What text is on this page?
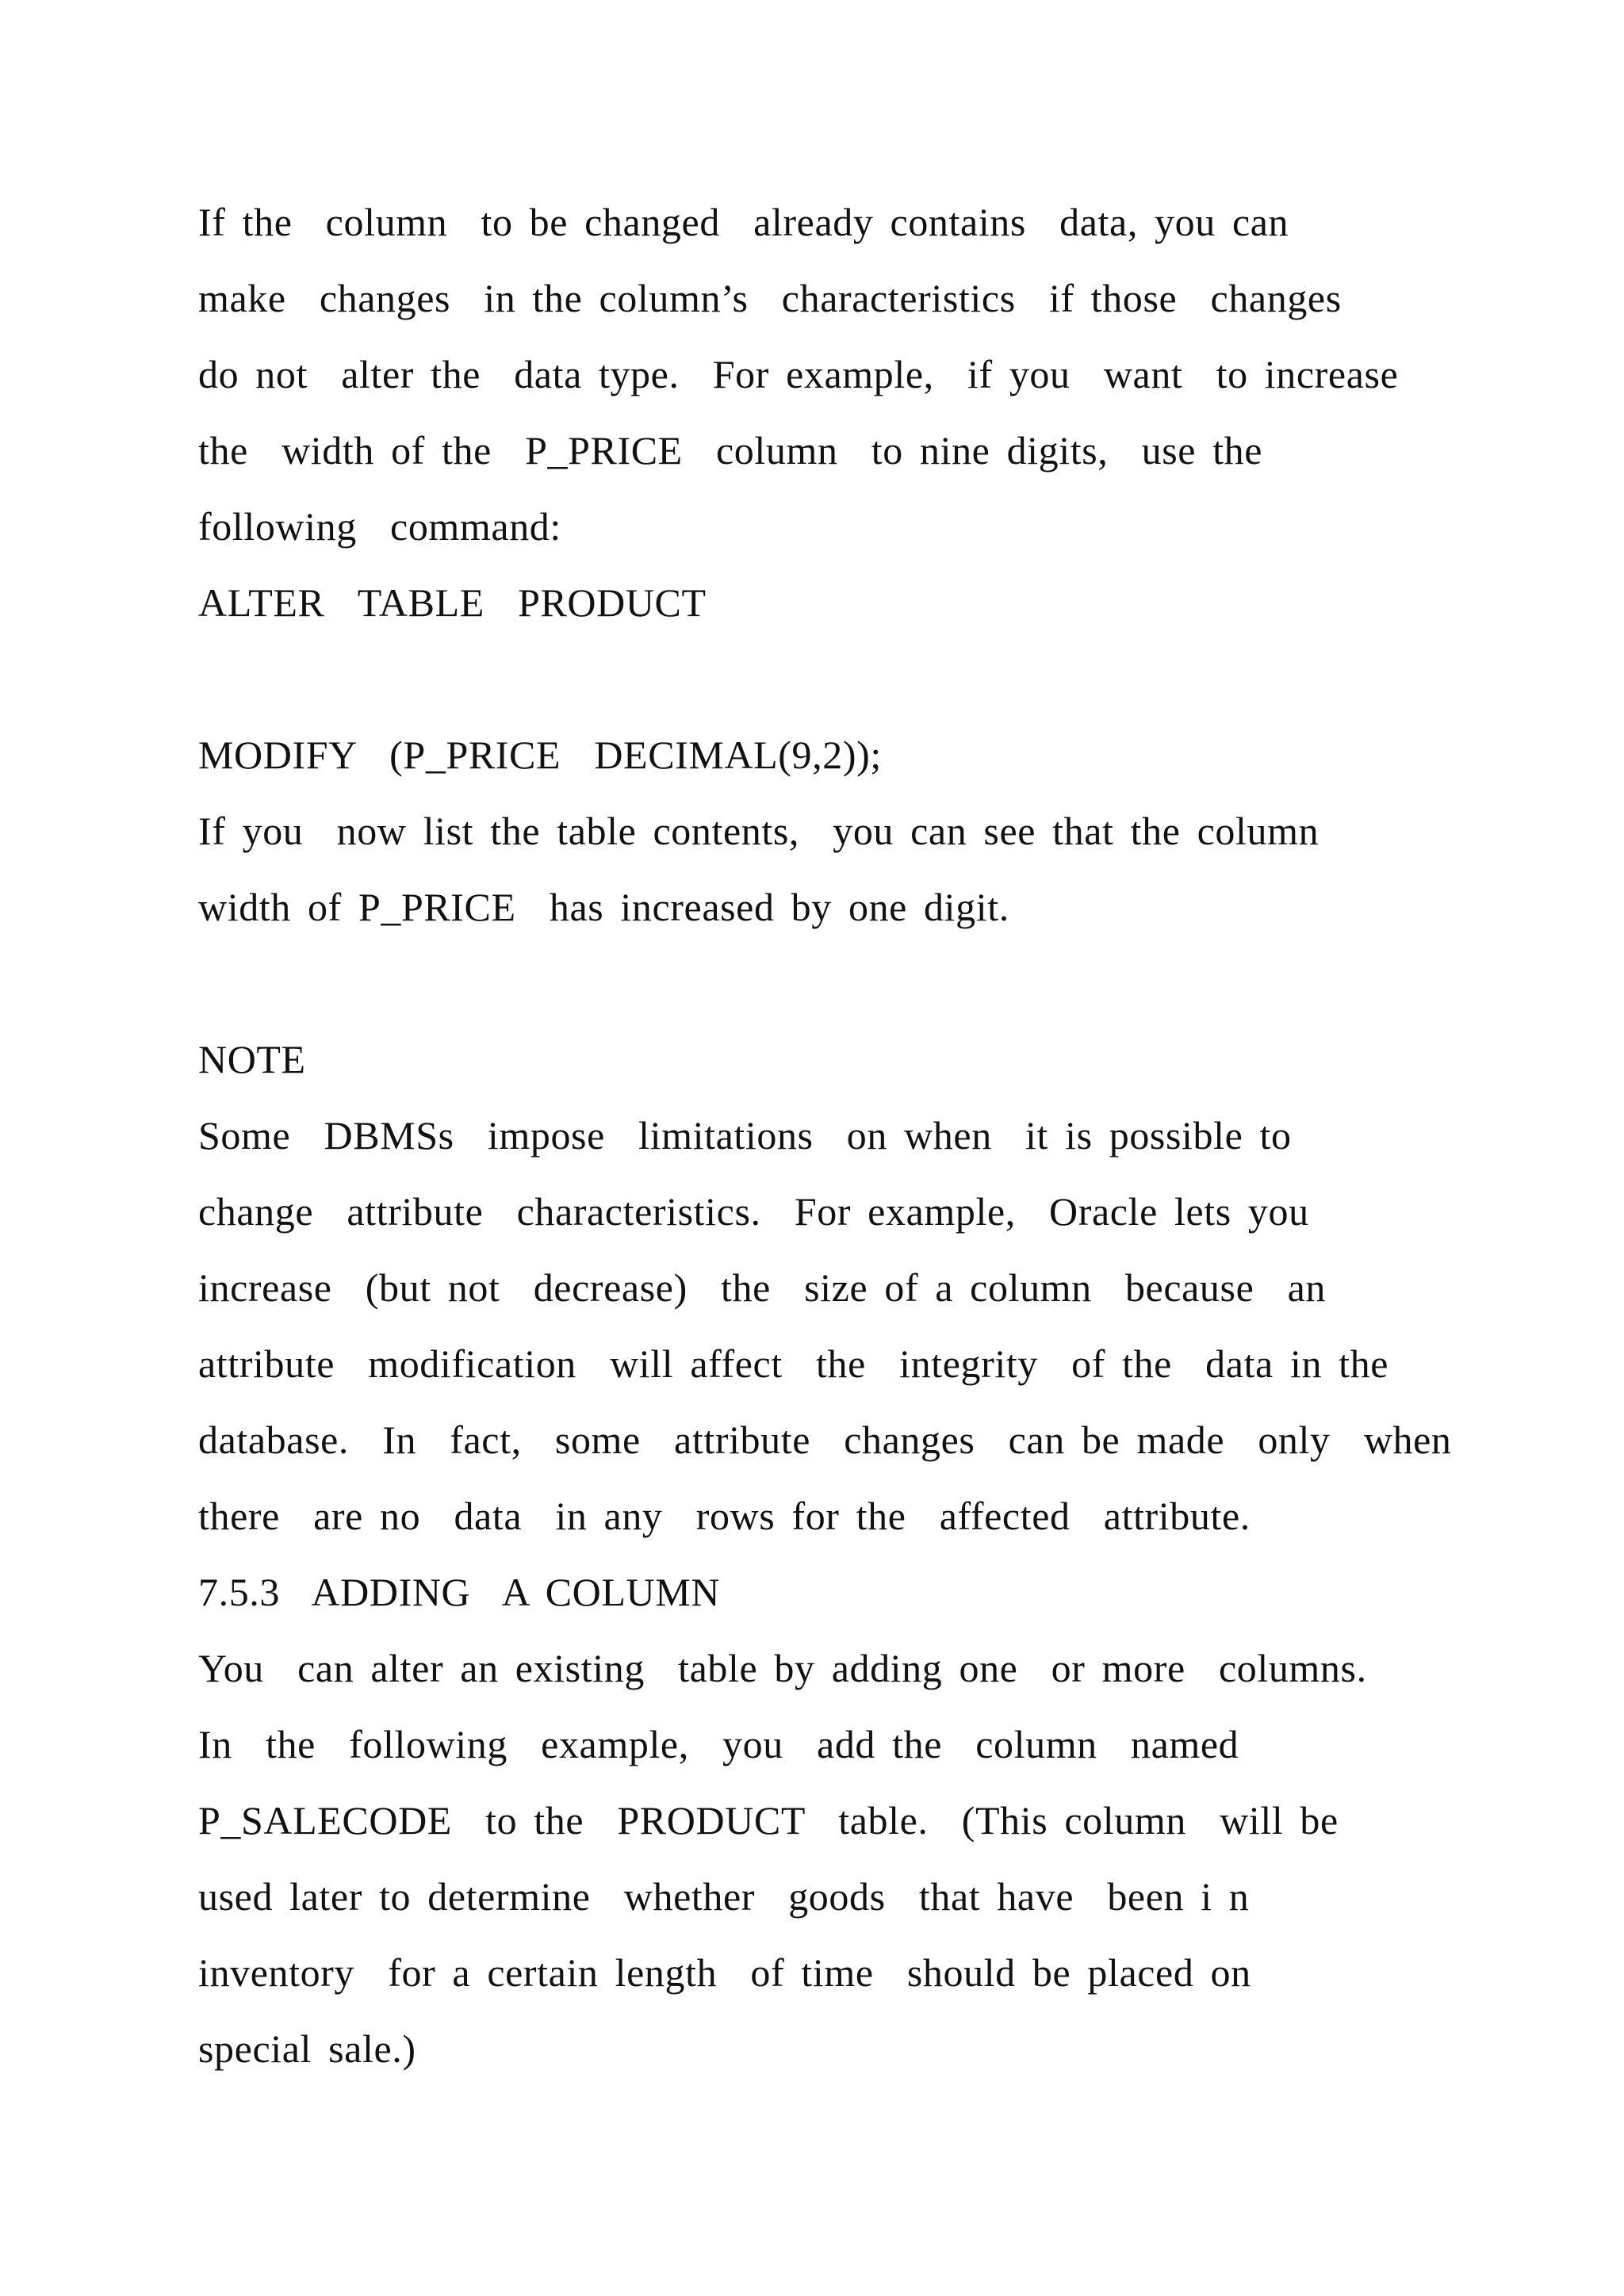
If the  column  to be changed  already contains  data, you can

make  changes  in the column’s  characteristics  if those  changes

do not  alter the  data type.  For example,  if you  want  to increase

the  width of the  P_PRICE  column  to nine digits,  use the

following  command:

ALTER  TABLE  PRODUCT

MODIFY  (P_PRICE  DECIMAL(9,2));

If you  now list the table contents,  you can see that the column

width of P_PRICE  has increased by one digit.

NOTE

Some  DBMSs  impose  limitations  on when  it is possible to

change  attribute  characteristics.  For example,  Oracle lets you

increase  (but not  decrease)  the  size of a column  because  an

attribute  modification  will affect  the  integrity  of the  data in the

database.  In  fact,  some  attribute  changes  can be made  only  when

there  are no  data  in any  rows for the  affected  attribute.

7.5.3  ADDING  A COLUMN

You  can alter an existing  table by adding one  or more  columns.

In  the  following  example,  you  add the  column  named

P_SALECODE  to the  PRODUCT  table.  (This column  will be

used later to determine  whether  goods  that have  been i n

inventory  for a certain length  of time  should be placed on

special sale.)
